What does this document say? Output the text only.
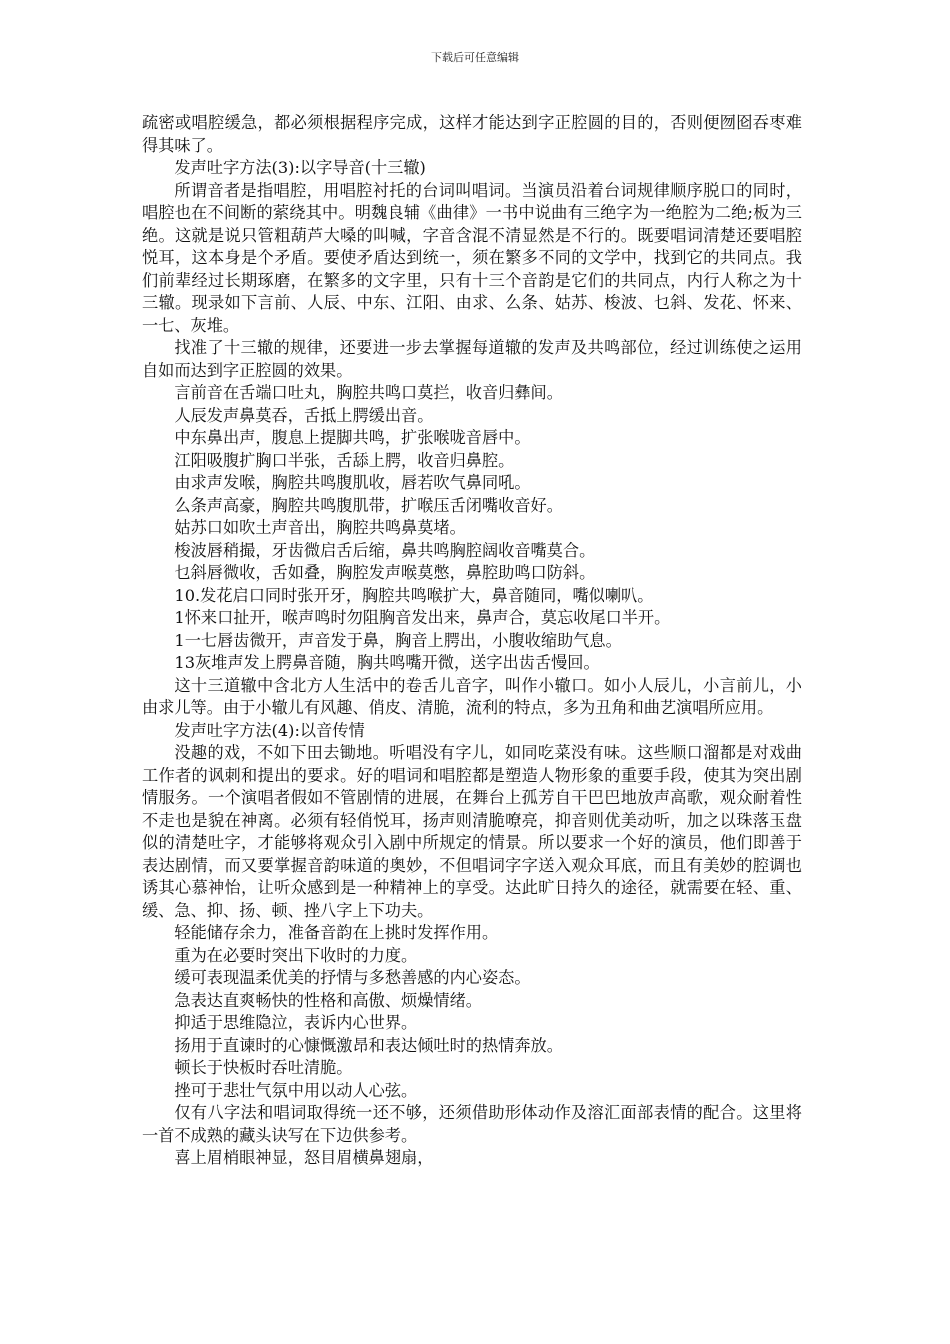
下载后可任意编辑

疏密或唱腔缓急，都必须根据程序完成，这样才能达到字正腔圆的目的，否则便囫囵吞枣难得其味了。

发声吐字方法(3):以字导音(十三辙)

所谓音者是指唱腔，用唱腔衬托的台词叫唱词。当演员沿着台词规律顺序脱口的同时，唱腔也在不间断的萦绕其中。明魏良辅《曲律》一书中说曲有三绝字为一绝腔为二绝;板为三绝。这就是说只管粗葫芦大嗓的叫喊，字音含混不清显然是不行的。既要唱词清楚还要唱腔悦耳，这本身是个矛盾。要使矛盾达到统一，须在繁多不同的文学中，找到它的共同点。我们前辈经过长期琢磨，在繁多的文字里，只有十三个音韵是它们的共同点，内行人称之为十三辙。现录如下言前、人辰、中东、江阳、由求、么条、姑苏、梭波、乜斜、发花、怀来、一七、灰堆。

找准了十三辙的规律，还要进一步去掌握每道辙的发声及共鸣部位，经过训练使之运用自如而达到字正腔圆的效果。

言前音在舌端口吐丸，胸腔共鸣口莫拦，收音归彝间。

人辰发声鼻莫吞，舌抵上腭缓出音。

中东鼻出声，腹息上提脚共鸣，扩张喉咙音唇中。

江阳吸腹扩胸口半张，舌舔上腭，收音归鼻腔。

由求声发喉，胸腔共鸣腹肌收，唇若吹气鼻同吼。

么条声高豪，胸腔共鸣腹肌带，扩喉压舌闭嘴收音好。

姑苏口如吹土声音出，胸腔共鸣鼻莫堵。

梭波唇稍撮，牙齿微启舌后缩，鼻共鸣胸腔阔收音嘴莫合。

乜斜唇微收，舌如叠，胸腔发声喉莫憋，鼻腔助鸣口防斜。

10.发花启口同时张开牙，胸腔共鸣喉扩大，鼻音随同，嘴似喇叭。

1怀来口扯开，喉声鸣时勿阻胸音发出来，鼻声合，莫忘收尾口半开。

1一七唇齿微开，声音发于鼻，胸音上腭出，小腹收缩助气息。

13灰堆声发上腭鼻音随，胸共鸣嘴开微，送字出齿舌慢回。

这十三道辙中含北方人生活中的卷舌儿音字，叫作小辙口。如小人辰儿，小言前儿，小由求儿等。由于小辙儿有风趣、俏皮、清脆，流利的特点，多为丑角和曲艺演唱所应用。

发声吐字方法(4):以音传情

没趣的戏，不如下田去锄地。听唱没有字儿，如同吃菜没有味。这些顺口溜都是对戏曲工作者的讽刺和提出的要求。好的唱词和唱腔都是塑造人物形象的重要手段，使其为突出剧情服务。一个演唱者假如不管剧情的进展，在舞台上孤芳自干巴巴地放声高歌，观众耐着性不走也是貌在神离。必须有轻俏悦耳，扬声则清脆嘹亮，抑音则优美动听，加之以珠落玉盘似的清楚吐字，才能够将观众引入剧中所规定的情景。所以要求一个好的演员，他们即善于表达剧情，而又要掌握音韵味道的奥妙，不但唱词字字送入观众耳底，而且有美妙的腔调也诱其心慕神怡，让听众感到是一种精神上的享受。达此旷日持久的途径，就需要在轻、重、缓、急、抑、扬、顿、挫八字上下功夫。

轻能储存余力，准备音韵在上挑时发挥作用。

重为在必要时突出下收时的力度。

缓可表现温柔优美的抒情与多愁善感的内心姿态。

急表达直爽畅快的性格和高傲、烦燥情绪。

抑适于思维隐泣，表诉内心世界。

扬用于直谏时的心慷慨激昂和表达倾吐时的热情奔放。

顿长于快板时吞吐清脆。

挫可于悲壮气氛中用以动人心弦。

仅有八字法和唱词取得统一还不够，还须借助形体动作及溶汇面部表情的配合。这里将一首不成熟的藏头诀写在下边供参考。

喜上眉梢眼神显，怒目眉横鼻翅扇，
